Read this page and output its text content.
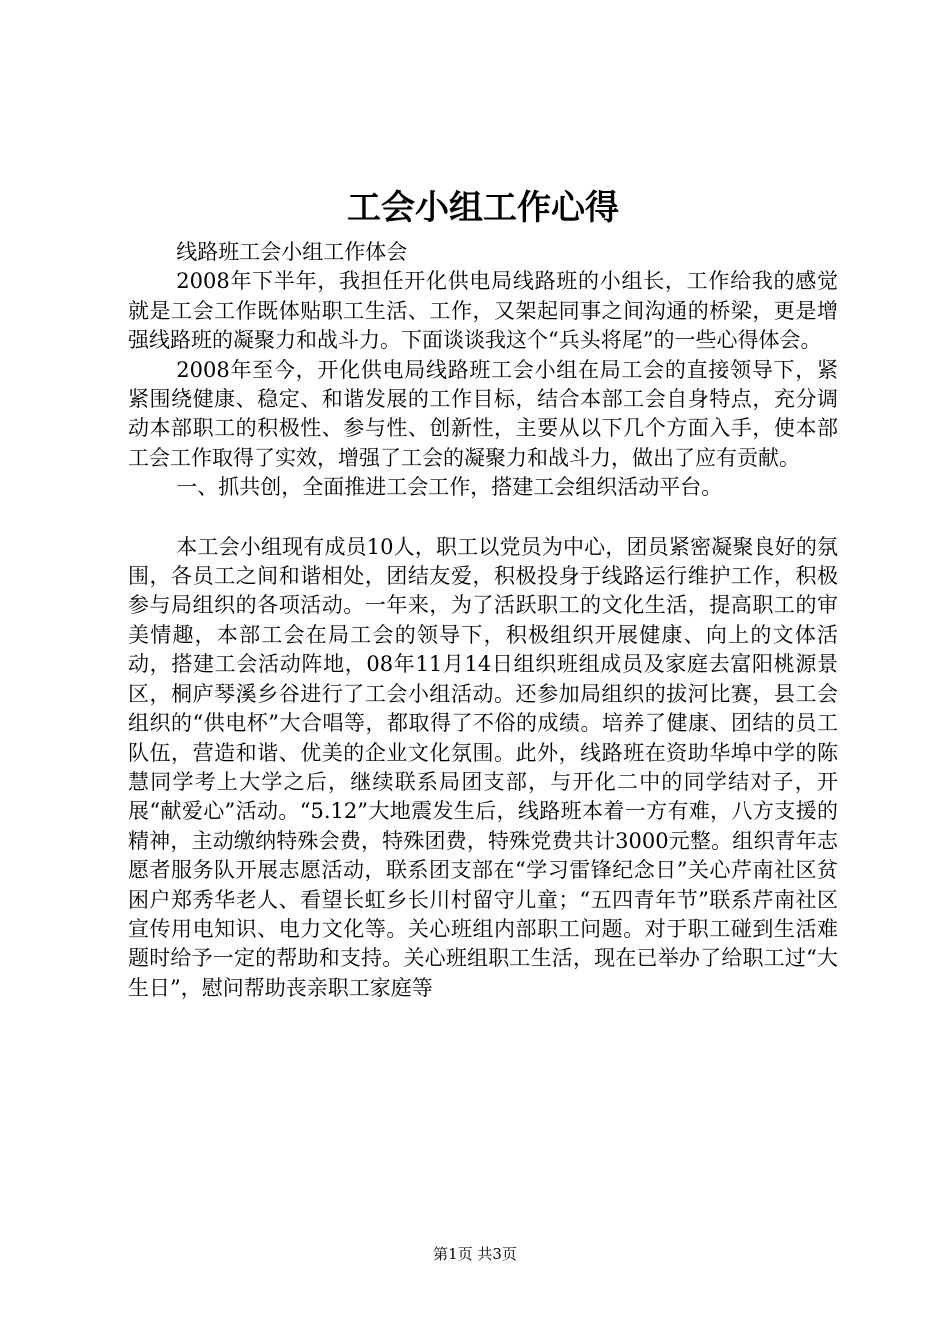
工会小组工作心得

线路班工会小组工作体会

2008年下半年，我担任开化供电局线路班的小组长，工作给我的感觉就是工会工作既体贴职工生活、工作，又架起同事之间沟通的桥梁，更是增强线路班的凝聚力和战斗力。下面谈谈我这个“兵头将尾”的一些心得体会。

2008年至今，开化供电局线路班工会小组在局工会的直接领导下，紧紧围绕健康、稳定、和谐发展的工作目标，结合本部工会自身特点，充分调动本部职工的积极性、参与性、创新性，主要从以下几个方面入手，使本部工会工作取得了实效，增强了工会的凝聚力和战斗力，做出了应有贡献。

一、抓共创，全面推进工会工作，搭建工会组织活动平台。

本工会小组现有成员10人，职工以党员为中心，团员紧密凝聚良好的氛围，各员工之间和谐相处，团结友爱，积极投身于线路运行维护工作，积极参与局组织的各项活动。一年来，为了活跃职工的文化生活，提高职工的审美情趣，本部工会在局工会的领导下，积极组织开展健康、向上的文体活动，搭建工会活动阵地，08年11月14日组织班组成员及家庭去富阳桃源景区，桐庐琴溪乡谷进行了工会小组活动。还参加局组织的拔河比赛，县工会组织的“供电杯”大合唱等，都取得了不俗的成绩。培养了健康、团结的员工队伍，营造和谐、优美的企业文化氛围。此外，线路班在资助华埠中学的陈慧同学考上大学之后，继续联系局团支部，与开化二中的同学结对子，开展“献爱心”活动。“5.12”大地震发生后，线路班本着一方有难，八方支援的精神，主动缴纳特殊会费，特殊团费，特殊党费共计3000元整。组织青年志愿者服务队开展志愿活动，联系团支部在“学习雷锋纪念日”关心芹南社区贫困户郑秀华老人、看望长虹乡长川村留守儿童；“五四青年节”联系芹南社区宣传用电知识、电力文化等。关心班组内部职工问题。对于职工碰到生活难题时给予一定的帮助和支持。关心班组职工生活，现在已举办了给职工过“大生日”，慰问帮助丧亲职工家庭等

第1页 共3页
